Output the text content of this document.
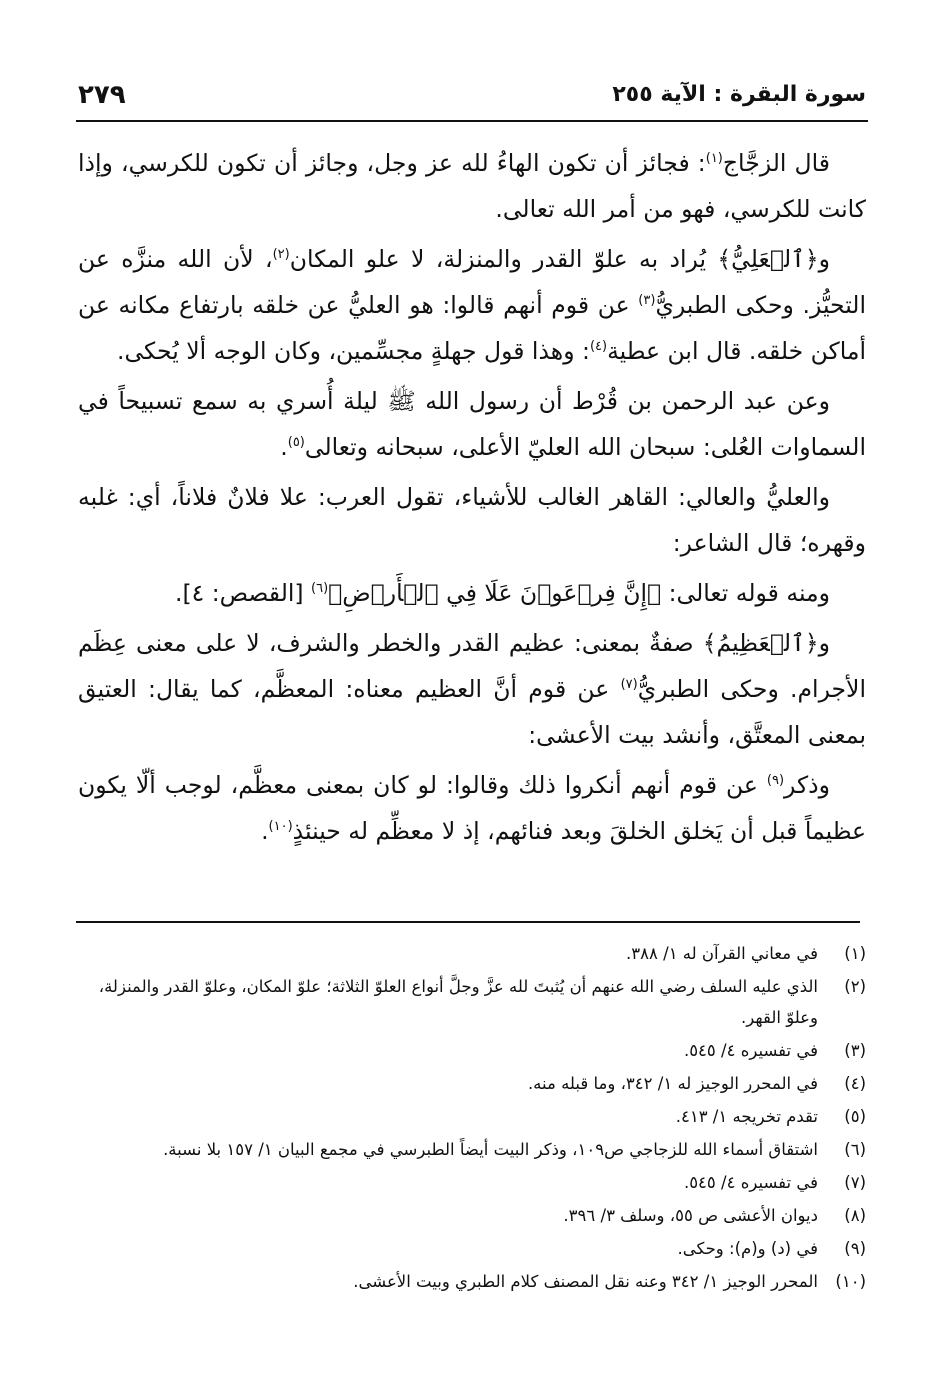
سورة البقرة : الآية ٢٥٥
٢٧٩

قال الزجَّاج$^{(١)}$: فجائز أن تكون الهاءُ لله عز وجل، وجائز أن تكون للكرسي، وإذا كانت للكرسي، فهو من أمر الله تعالى.

و﴿ٱلۡعَلِيُّ﴾ يُراد به علوّ القدر والمنزلة، لا علو المكان$^{(٢)}$، لأن الله منزَّه عن التحيُّز. وحكى الطبريُّ$^{(٣)}$ عن قوم أنهم قالوا: هو العليُّ عن خلقه بارتفاع مكانه عن أماكن خلقه. قال ابن عطية$^{(٤)}$: وهذا قول جهلةٍ مجسِّمين، وكان الوجه ألا يُحكى.

وعن عبد الرحمن بن قُرْط أن رسول الله ﷺ ليلة أُسري به سمع تسبيحاً في السماوات العُلى: سبحان الله العليّ الأعلى، سبحانه وتعالى$^{(٥)}$.

والعليُّ والعالي: القاهر الغالب للأشياء، تقول العرب: علا فلانٌ فلاناً، أي: غلبه وقهره؛ قال الشاعر:

ومنه قوله تعالى: ﴿إِنَّ فِرۡعَوۡنَ عَلَا فِي ٱلۡأَرۡضِ﴾$^{(٦)}$ [القصص: ٤].

و﴿ٱلۡعَظِيمُ﴾ صفةٌ بمعنى: عظيم القدر والخطر والشرف، لا على معنى عِظَم الأجرام. وحكى الطبريُّ$^{(٧)}$ عن قوم أنَّ العظيم معناه: المعظَّم، كما يقال: العتيق بمعنى المعتَّق، وأنشد بيت الأعشى:

وذكر$^{(٩)}$ عن قوم أنهم أنكروا ذلك وقالوا: لو كان بمعنى معظَّم، لوجب ألّا يكون عظيماً قبل أن يَخلق الخلقَ وبعد فنائهم، إذ لا معظِّم له حينئذٍ$^{(١٠)}$.

(١)
في معاني القرآن له ١/ ٣٨٨.
(٢)
الذي عليه السلف رضي الله عنهم أن يُثبتَ لله عزَّ وجلَّ أنواع العلوّ الثلاثة؛ علوّ المكان، وعلوّ القدر والمنزلة، وعلوّ القهر.
(٣)
في تفسيره ٤/ ٥٤٥.
(٤)
في المحرر الوجيز له ١/ ٣٤٢، وما قبله منه.
(٥)
تقدم تخريجه ١/ ٤١٣.
(٦)
اشتقاق أسماء الله للزجاجي ص١٠٩، وذكر البيت أيضاً الطبرسي في مجمع البيان ١/ ١٥٧ بلا نسبة.
(٧)
في تفسيره ٤/ ٥٤٥.
(٨)
ديوان الأعشى ص ٥٥، وسلف ٣/ ٣٩٦.
(٩)
في (د) و(م): وحكى.
(١٠)
المحرر الوجيز ١/ ٣٤٢ وعنه نقل المصنف كلام الطبري وبيت الأعشى.
